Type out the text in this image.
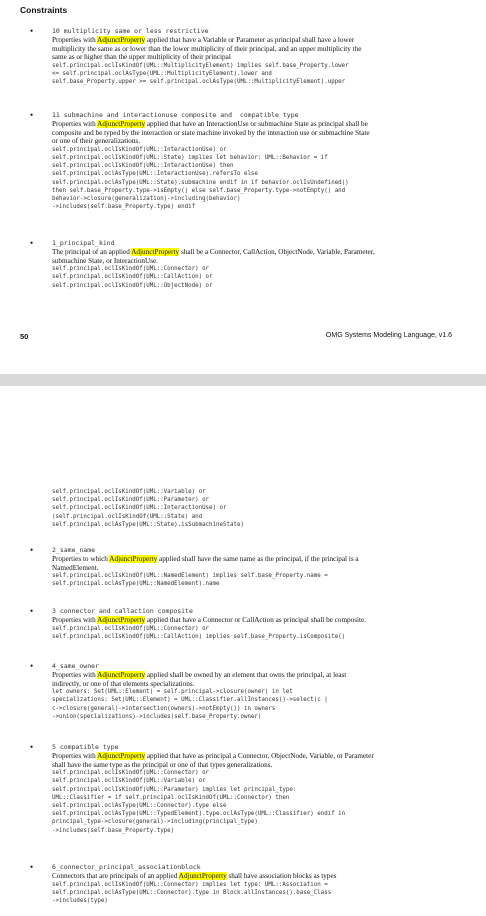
Constraints
•	10 multiplicity same or less restrictive
Properties with AdjunctProperty applied that have a Variable or Parameter as principal shall have a lower
multiplicity the same as or lower than the lower multiplicity of their principal, and an upper multiplicity the
same as or higher than the upper multiplicity of their principal
self.principal.oclIsKindOf(UML::MultiplicityElement) implies self.base_Property.lower
<= self.principal.oclAsType(UML::MultiplicityElement).lower and
self.base_Property.upper >= self.principal.oclAsType(UML::MultiplicityElement).upper
•	11 submachine and interactionuse composite and  compatible type
Properties with AdjunctProperty applied that have an InteractionUse or submachine State as principal shall be
composite and be typed by the interaction or state machine invoked by the interaction use or submachine State
or one of their generalizations.
self.principal.oclIsKindOf(UML::InteractionUse) or
self.principal.oclIsKindOf(UML::State) implies let behavior: UML::Behavior = if
self.principal.oclIsKindOf(UML::InteractionUse) then
self.principal.oclAsType(UML::InteractionUse).refersTo else
self.principal.oclAsType(UML::State).submachine endif in if behavior.oclIsUndefined()
then self.base_Property.type->isEmpty() else self.base_Property.type->notEmpty() and
behavior->closure(generalization)->including(behavior)
->includes(self.base_Property.type) endif
•	1_principal_kind
The principal of an applied AdjunctProperty shall be a Connector, CallAction, ObjectNode, Variable, Parameter,
submachine State, or InteractionUse.
self.principal.oclIsKindOf(UML::Connector) or
self.principal.oclIsKindOf(UML::CallAction) or
self.principal.oclIsKindOf(UML::ObjectNode) or
50	OMG Systems Modeling Language, v1.6
self.principal.oclIsKindOf(UML::Variable) or
self.principal.oclIsKindOf(UML::Parameter) or
self.principal.oclIsKindOf(UML::InteractionUse) or
(self.principal.oclIsKindOf(UML::State) and
self.principal.oclAsType(UML::State).isSubmachineState)
•	2_same_name
Properties to which AdjunctProperty applied shall have the same name as the principal, if the principal is a
NamedElement.
self.principal.oclIsKindOf(UML::NamedElement) implies self.base_Property.name =
self.principal.oclAsType(UML::NamedElement).name
•	3 connector and callaction composite
Properties with AdjunctProperty applied that have a Connector or CallAction as principal shall be composite.
self.principal.oclIsKindOf(UML::Connector) or
self.principal.oclIsKindOf(UML::CallAction) implies self.base_Property.isComposite()
•	4_same_owner
Properties with AdjunctProperty applied shall be owned by an element that owns the principal, at least
indirectly, or one of that elements specializations.
let owners: Set(UML::Element) = self.principal->closure(owner) in let
specializations: Set(UML::Element) = UML::Classifier.allInstances()->select(c |
c->closure(general)->intersection(owners)->notEmpty()) in owners
->union(specializations)->includes(self.base_Property.owner)
•	5 compatible type
Properties with AdjunctProperty applied that have as principal a Connector, ObjectNode, Variable, or Parameter
shall have the same type as the principal or one of that types generalizations.
self.principal.oclIsKindOf(UML::Connector) or
self.principal.oclIsKindOf(UML::Variable) or
self.principal.oclIsKindOf(UML::Parameter) implies let principal_type:
UML::Classifier = if self.principal.oclIsKindOf(UML::Connector) then
self.principal.oclAsType(UML::Connector).type else
self.principal.oclAsType(UML::TypedElement).type.oclAsType(UML::Classifier) endif in
principal_type->closure(general)->including(principal_type)
->includes(self.base_Property.type)
•	6_connector_principal_associationblock
Connectors that are principals of an applied AdjunctProperty shall have association blocks as types
self.principal.oclIsKindOf(UML::Connector) implies let type: UML::Association =
self.principal.oclAsType(UML::Connector).type in Block.allInstances().base_Class
->includes(type)
